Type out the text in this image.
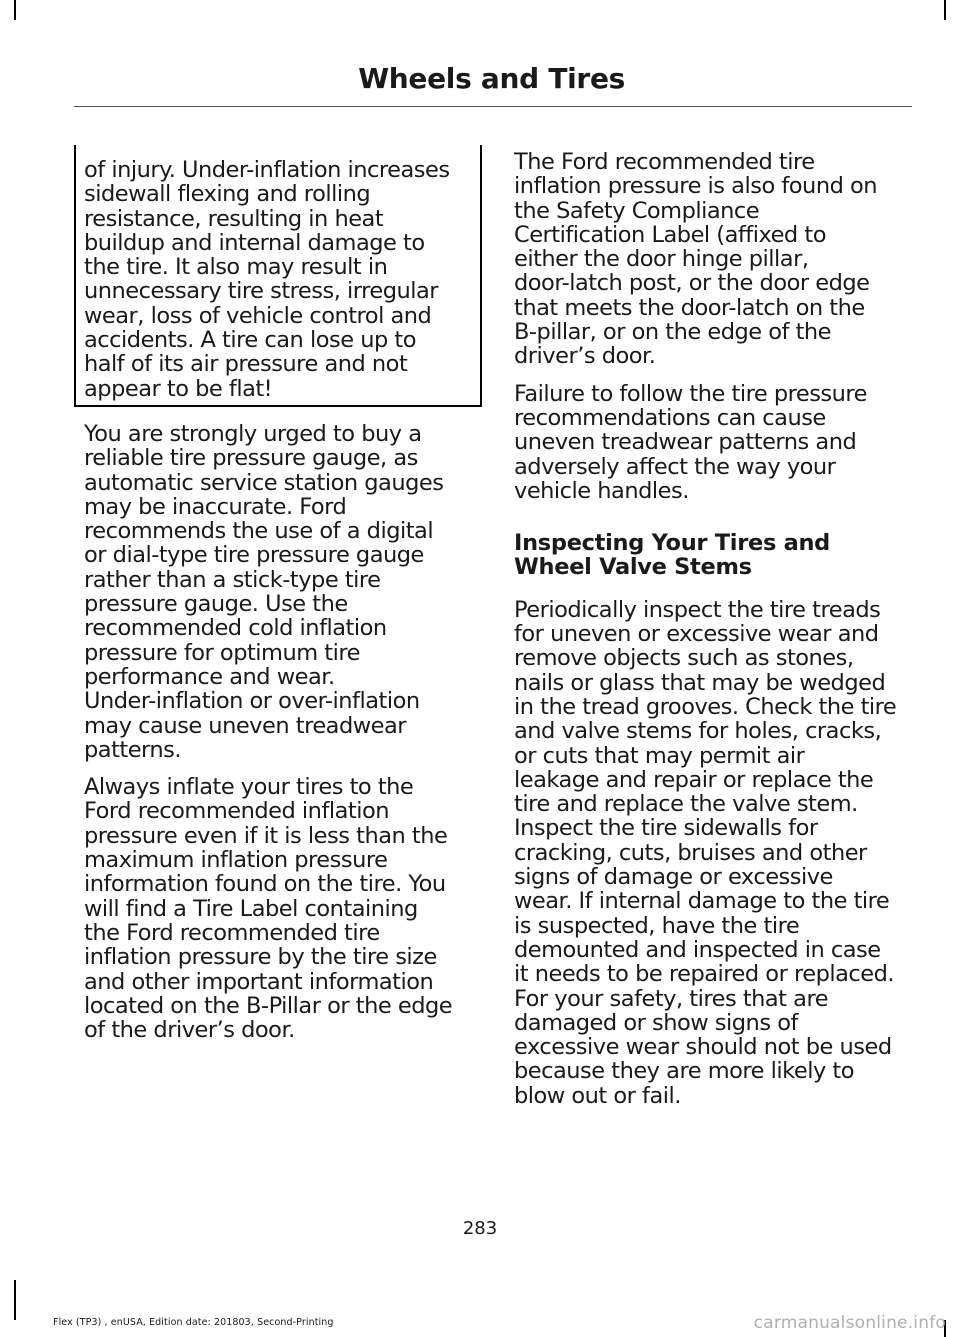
Wheels and Tires

of injury. Under-inflation increases
sidewall flexing and rolling
resistance, resulting in heat
buildup and internal damage to
the tire. It also may result in
unnecessary tire stress, irregular
wear, loss of vehicle control and
accidents. A tire can lose up to
half of its air pressure and not
appear to be flat!

You are strongly urged to buy a
reliable tire pressure gauge, as
automatic service station gauges
may be inaccurate. Ford
recommends the use of a digital
or dial-type tire pressure gauge
rather than a stick-type tire
pressure gauge. Use the
recommended cold inflation
pressure for optimum tire
performance and wear.
Under-inflation or over-inflation
may cause uneven treadwear
patterns.

Always inflate your tires to the
Ford recommended inflation
pressure even if it is less than the
maximum inflation pressure
information found on the tire. You
will find a Tire Label containing
the Ford recommended tire
inflation pressure by the tire size
and other important information
located on the B-Pillar or the edge
of the driver’s door.

The Ford recommended tire
inflation pressure is also found on
the Safety Compliance
Certification Label (affixed to
either the door hinge pillar,
door-latch post, or the door edge
that meets the door-latch on the
B-pillar, or on the edge of the
driver’s door.

Failure to follow the tire pressure
recommendations can cause
uneven treadwear patterns and
adversely affect the way your
vehicle handles.

Inspecting Your Tires and
Wheel Valve Stems

Periodically inspect the tire treads
for uneven or excessive wear and
remove objects such as stones,
nails or glass that may be wedged
in the tread grooves. Check the tire
and valve stems for holes, cracks,
or cuts that may permit air
leakage and repair or replace the
tire and replace the valve stem.
Inspect the tire sidewalls for
cracking, cuts, bruises and other
signs of damage or excessive
wear. If internal damage to the tire
is suspected, have the tire
demounted and inspected in case
it needs to be repaired or replaced.
For your safety, tires that are
damaged or show signs of
excessive wear should not be used
because they are more likely to
blow out or fail.

283
Flex (TP3) , enUSA, Edition date: 201803, Second-Printing	carmanualsonline.info
